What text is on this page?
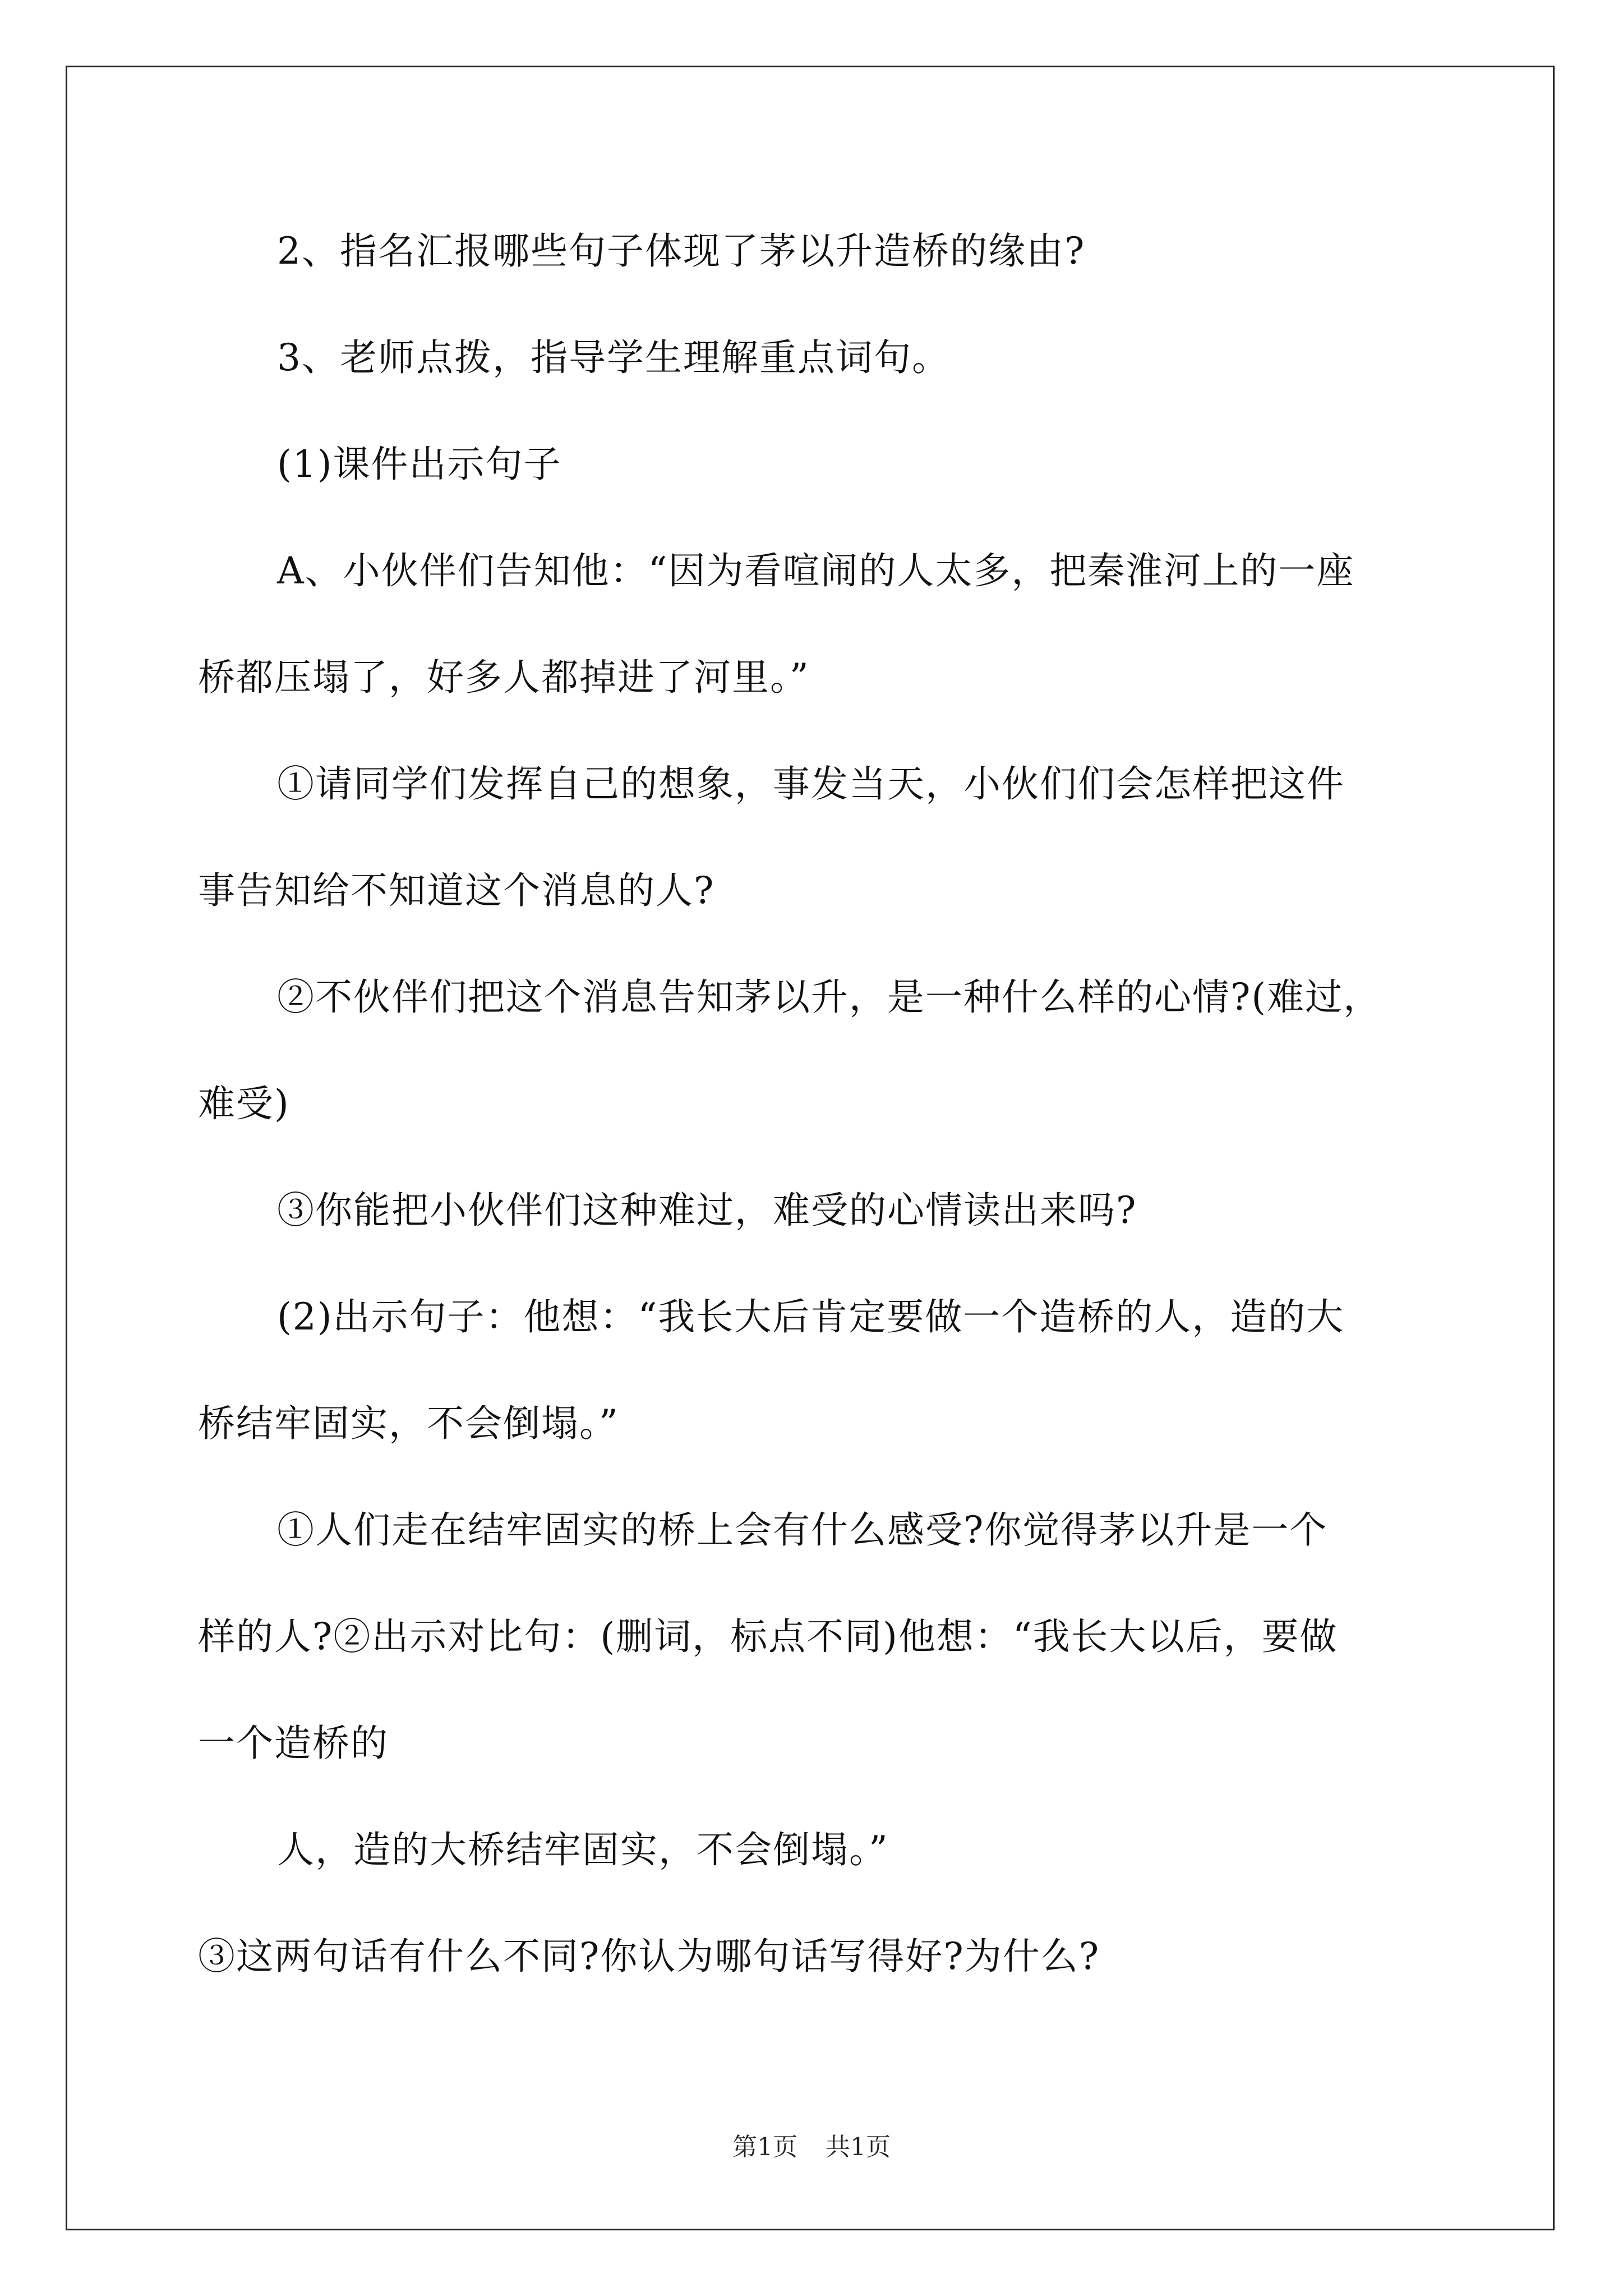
2、指名汇报哪些句子体现了茅以升造桥的缘由?
3、老师点拨，指导学生理解重点词句。
(1)课件出示句子
A、小伙伴们告知他：“因为看喧闹的人太多，把秦淮河上的一座
桥都压塌了，好多人都掉进了河里。”
①请同学们发挥自己的想象，事发当天，小伙们们会怎样把这件
事告知给不知道这个消息的人?
②不伙伴们把这个消息告知茅以升，是一种什么样的心情?(难过，
难受)
③你能把小伙伴们这种难过，难受的心情读出来吗?
(2)出示句子：他想：“我长大后肯定要做一个造桥的人，造的大
桥结牢固实，不会倒塌。”
①人们走在结牢固实的桥上会有什么感受?你觉得茅以升是一个
样的人?②出示对比句：(删词，标点不同)他想：“我长大以后，要做
一个造桥的
人，造的大桥结牢固实，不会倒塌。”
③这两句话有什么不同?你认为哪句话写得好?为什么?
第1页 共1页
